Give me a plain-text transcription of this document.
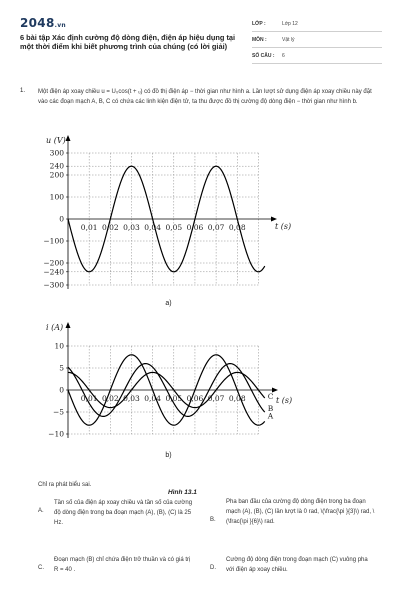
2048.vn
6 bài tập Xác định cường độ dòng điện, điện áp hiệu dụng tại một thời điểm khi biết phương trình của chúng (có lời giải)
LỚP :	Lớp 12
MÔN :	Vật lý
SỐ CÂU :	6
1. Một điện áp xoay chiều u = U₀cos(t + ᵤ) có đồ thị điện áp − thời gian như hình a. Lần lượt sử dụng điện áp xoay chiều này đặt vào các đoạn mạch A, B, C có chứa các linh kiện điện tử, ta thu được đồ thị cường độ dòng điện − thời gian như hình b.
300
240
200
100
0
−100
−200
−240
−300
0,01 0,02 0,03 0,04 0,05 0,06 0,07 0,08
u (V)
t (s)
a)
10
5
0
−5
−10
0,01 0,02 0,03 0,04 0,05 0,06 0,07 0,08
i (A)
t (s)
b)
A
B
C
Hình 13.1
Chỉ ra phát biểu sai.
A.
Tần số của điện áp xoay chiều và tần số của cường độ dòng điện trong ba đoạn mạch (A), (B), (C) là 25 Hz.	B.
Pha ban đầu của cường độ dòng điện trong ba đoạn mạch (A), (B), (C) lần lượt là 0 rad, \(\frac{\pi }{3}\) rad, \(\frac{\pi }{6}\) rad.
C.
Đoạn mạch (B) chỉ chứa điện trở thuần và có giá trị R = 40 .	D.
Cường độ dòng điện trong đoạn mạch (C) vuông pha với điện áp xoay chiều.
